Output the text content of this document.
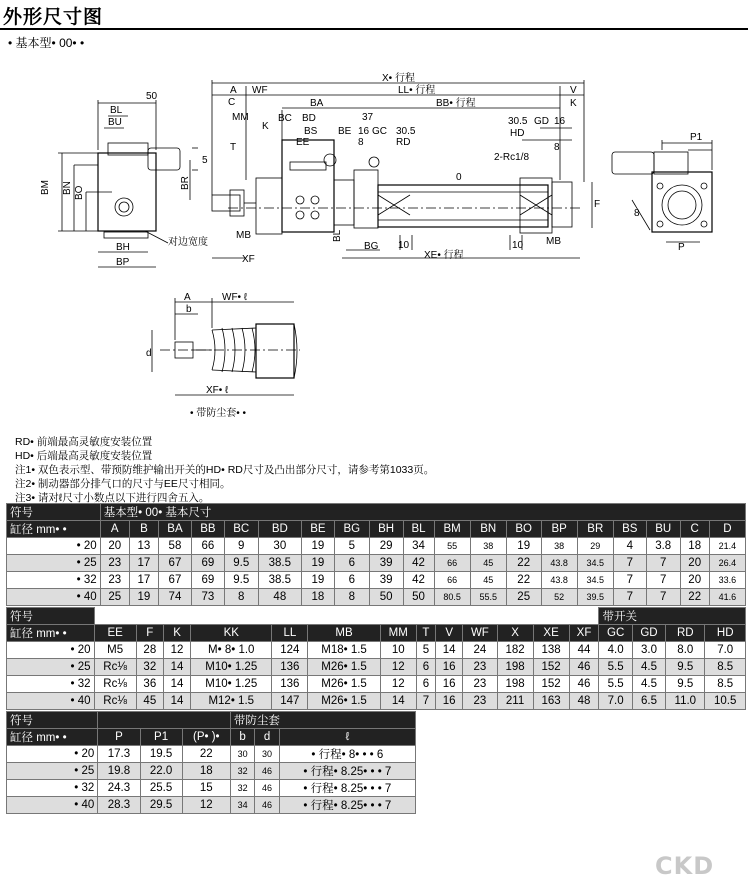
外形尺寸图
• 基本型• 00• •
50
BL
BU
BM BN BO
BR
5
BH
BP
对边宽度
A WF
C
MM
K
T
MB
XF
X• 行程
LL• 行程
BB• 行程
V
K
BA
BC BD	37
BS BE 16 GC 30.5
RD
EE	8
30.5 GD 16
HD
2-Rc1/8
0
F
8
MB
BG 10
XE• 行程
10
BL
P1
P
8
A
b
WF• ℓ
d
XF• ℓ
• 带防尘套• •
RD• 前端最高灵敏度安装位置
HD• 后端最高灵敏度安装位置
注1• 双色表示型、带预防维护输出开关的HD• RD尺寸及凸出部分尺寸，请参考第1033页。
注2• 制动器部分排气口的尺寸与EE尺寸相同。
注3• 请对ℓ尺寸小数点以下进行四舍五入。
符号	基本型• 00• 基本尺寸																		
缸径 mm• •	A	B	BA	BB	BC	BD	BE	BG	BH	BL	BM	BN	BO	BP	BR	BS	BU	C	D
• 20	20	13	58	66	9	30	19	5	29	34	55	38	19	38	29	4	3.8	18	21.4
• 25	23	17	67	69	9.5	38.5	19	6	39	42	66	45	22	43.8	34.5	7	7	20	26.4
• 32	23	17	67	69	9.5	38.5	19	6	39	42	66	45	22	43.8	34.5	7	7	20	33.6
• 40	25	19	74	73	8	48	18	8	50	50	80.5	55.5	25	52	39.5	7	7	22	41.6
符号														带开关			
缸径 mm• •	EE	F	K	KK	LL	MB	MM	T	V	WF	X	XE	XF	GC	GD	RD	HD
• 20	M5	28	12	M• 8• 1.0	124	M18• 1.5	10	5	14	24	182	138	44	4.0	3.0	8.0	7.0
• 25	Rc⅛	32	14	M10• 1.25	136	M26• 1.5	12	6	16	23	198	152	46	5.5	4.5	9.5	8.5
• 32	Rc⅛	36	14	M10• 1.25	136	M26• 1.5	12	6	16	23	198	152	46	5.5	4.5	9.5	8.5
• 40	Rc⅛	45	14	M12• 1.5	147	M26• 1.5	14	7	16	23	211	163	48	7.0	6.5	11.0	10.5
符号				带防尘套		
缸径 mm• •	P	P1	(P• )•	b	d	ℓ
• 20	17.3	19.5	22	30	30	• 行程• 8• • • 6
• 25	19.8	22.0	18	32	46	• 行程• 8.25• • • 7
• 32	24.3	25.5	15	32	46	• 行程• 8.25• • • 7
• 40	28.3	29.5	12	34	46	• 行程• 8.25• • • 7
CKD
